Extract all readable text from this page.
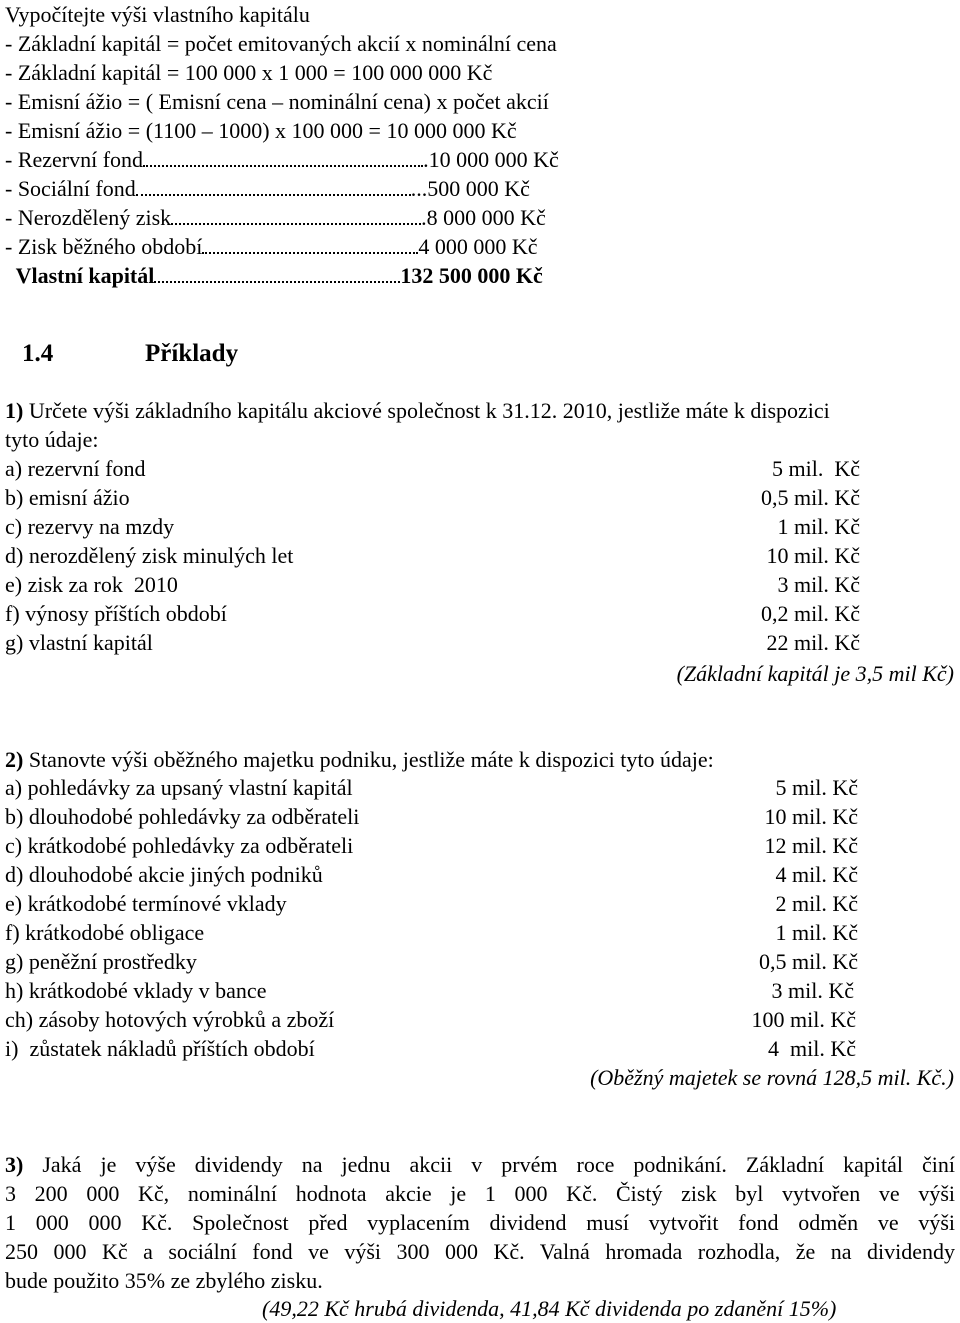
Vypočítejte výši vlastního kapitálu
- Základní kapitál = počet emitovaných akcií x nominální cena
- Základní kapitál = 100 000 x 1 000 = 100 000 000 Kč
- Emisní ážio = ( Emisní cena – nominální cena) x počet akcií
- Emisní ážio = (1100 – 1000) x 100 000 = 10 000 000 Kč
- Rezervní fond	.10 000 000 Kč
- Sociální fond	...500 000 Kč
- Nerozdělený zisk	.8 000 000 Kč
- Zisk běžného období	4 000 000 Kč
Vlastní kapitál	132 500 000 Kč
1.4	Příklady
1) Určete výši základního kapitálu akciové společnost k 31.12. 2010, jestliže máte k dispozici
tyto údaje:
a) rezervní fond	5 mil.  Kč
b) emisní ážio	0,5 mil. Kč
c) rezervy na mzdy	1 mil. Kč
d) nerozdělený zisk minulých let	10 mil. Kč
e) zisk za rok  2010	3 mil. Kč
f) výnosy příštích období	0,2 mil. Kč
g) vlastní kapitál	22 mil. Kč
(Základní kapitál je 3,5 mil Kč)
2) Stanovte výši oběžného majetku podniku, jestliže máte k dispozici tyto údaje:
a) pohledávky za upsaný vlastní kapitál	5 mil. Kč
b) dlouhodobé pohledávky za odběrateli	10 mil. Kč
c) krátkodobé pohledávky za odběrateli	12 mil. Kč
d) dlouhodobé akcie jiných podniků	4 mil. Kč
e) krátkodobé termínové vklady	2 mil. Kč
f) krátkodobé obligace	1 mil. Kč
g) peněžní prostředky	0,5 mil. Kč
h) krátkodobé vklady v bance	3 mil. Kč
ch) zásoby hotových výrobků a zboží	100 mil. Kč
i)  zůstatek nákladů příštích období	4  mil. Kč
(Oběžný majetek se rovná 128,5 mil. Kč.)
3) Jaká je výše dividendy na jednu akcii v prvém roce podnikání. Základní kapitál činí
3 200 000 Kč, nominální hodnota akcie je 1 000 Kč. Čistý zisk byl vytvořen ve výši
1 000 000 Kč. Společnost před vyplacením dividend musí vytvořit fond odměn ve výši
250 000 Kč a sociální fond ve výši 300 000 Kč. Valná hromada rozhodla, že na dividendy
bude použito 35% ze zbylého zisku.
(49,22 Kč hrubá dividenda, 41,84 Kč dividenda po zdanění 15%)
